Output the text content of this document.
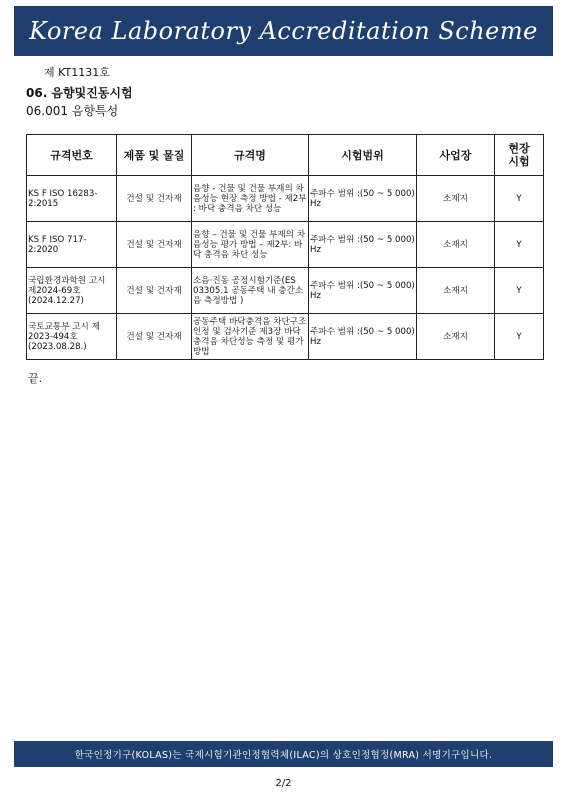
Korea Laboratory Accreditation Scheme
제 KT1131호
06. 음향및진동시험
06.001 음향특성
규격번호	제품 및 물질	규격명	시험범위	사업장	현장
시험
KS F ISO 16283-2:2015	건설 및 건자재	음향 - 건물 및 건물 부재의 차음성능 현장 측정 방법 - 제2부 : 바닥 충격음 차단 성능	주파수 범위 :(50 ~ 5 000) Hz	소재지	Y
KS F ISO 717-2:2020	건설 및 건자재	음향 – 건물 및 건물 부재의 차음성능 평가 방법 – 제2부: 바닥 충격음 차단 성능	주파수 범위 :(50 ~ 5 000) Hz	소재지	Y
국립환경과학원 고시 제2024-69호 (2024.12.27)	건설 및 건자재	소음·진동 공정시험기준(ES 03305.1 공동주택 내 층간소음 측정방법 )	주파수 범위 :(50 ~ 5 000) Hz	소재지	Y
국토교통부 고시 제 2023-494호 (2023.08.28.)	건설 및 건자재	공동주택 바닥충격음 차단구조 인정 및 검사기준 제3장 바닥충격음 차단성능 측정 및 평가방법	주파수 범위 :(50 ~ 5 000) Hz	소재지	Y
끝.
한국인정기구(KOLAS)는 국제시험기관인정협력체(ILAC)의 상호인정협정(MRA) 서명기구입니다.
2/2
